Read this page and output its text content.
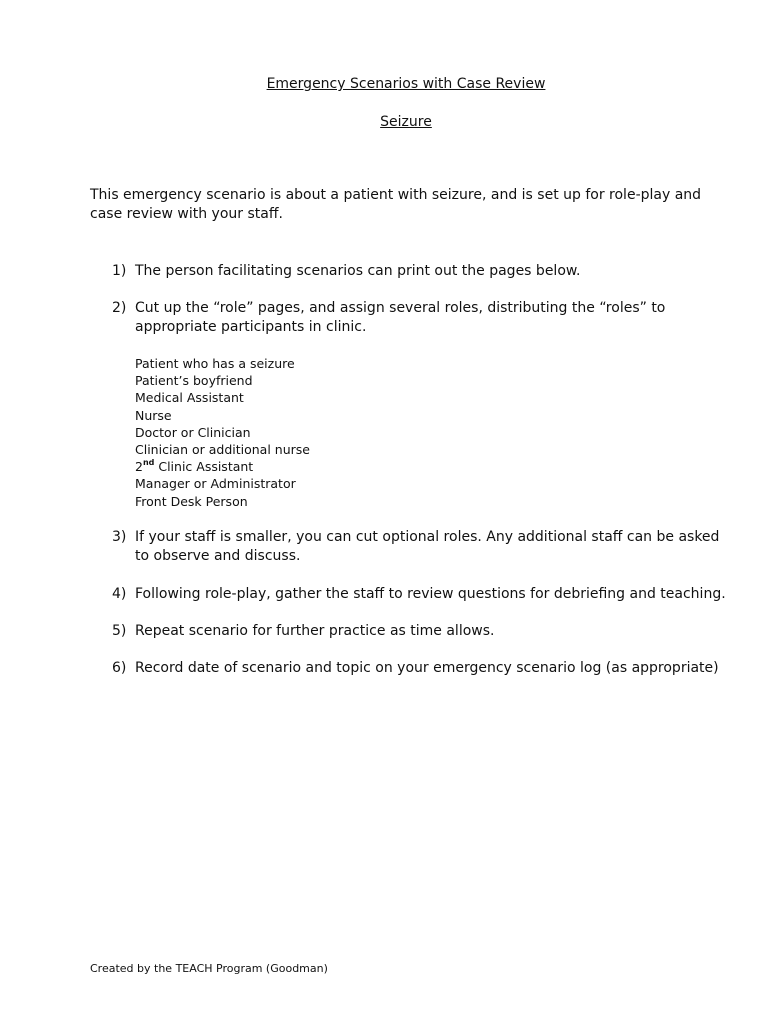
Emergency Scenarios with Case Review
Seizure

This emergency scenario is about a patient with seizure, and is set up for role-play and case review with your staff.

1) The person facilitating scenarios can print out the pages below.
2) Cut up the “role” pages, and assign several roles, distributing the “roles” to appropriate participants in clinic.
3) If your staff is smaller, you can cut optional roles. Any additional staff can be asked to observe and discuss.
4) Following role-play, gather the staff to review questions for debriefing and teaching.
5) Repeat scenario for further practice as time allows.
6) Record date of scenario and topic on your emergency scenario log (as appropriate)
Patient who has a seizure
Patient’s boyfriend
Medical Assistant
Nurse
Doctor or Clinician
Clinician or additional nurse
2nd Clinic Assistant
Manager or Administrator
Front Desk Person

Created by the TEACH Program (Goodman)
